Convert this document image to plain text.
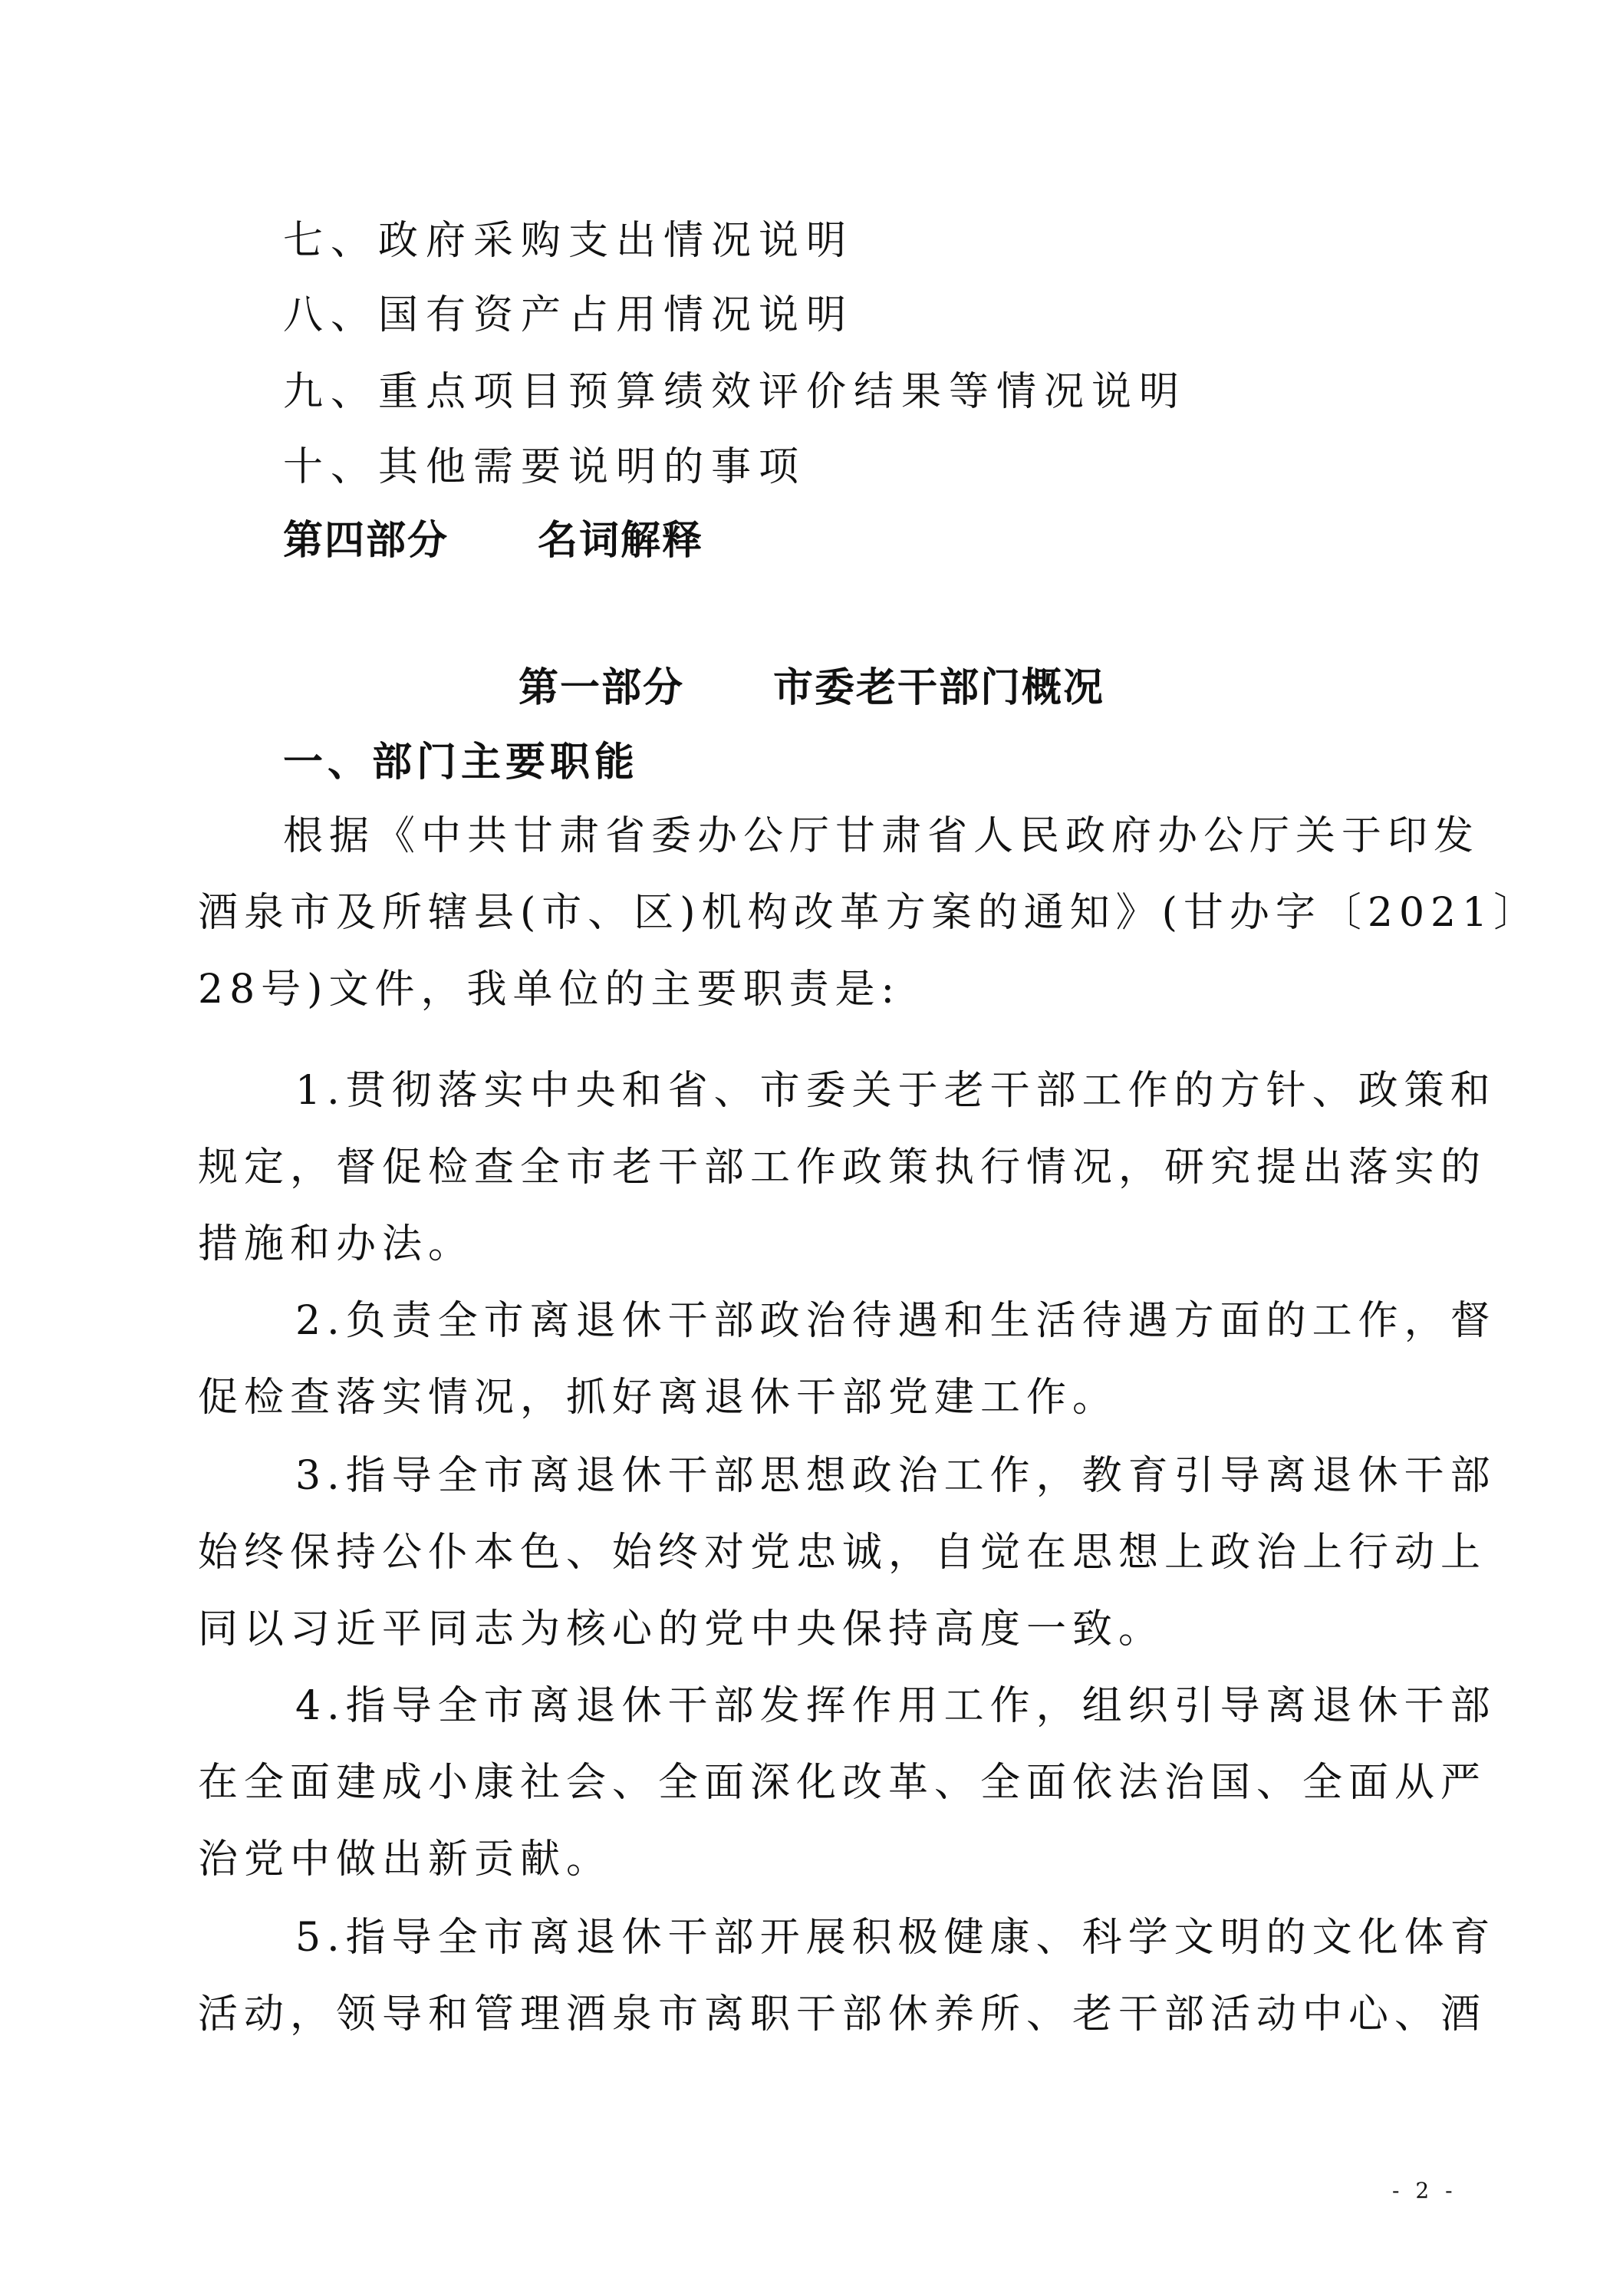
七、政府采购支出情况说明
八、国有资产占用情况说明
九、重点项目预算绩效评价结果等情况说明
十、其他需要说明的事项
第四部分 名词解释
第一部分 市委老干部门概况
一、部门主要职能
根据《中共甘肃省委办公厅甘肃省人民政府办公厅关于印发
酒泉市及所辖县(市、区)机构改革方案的通知》(甘办字〔2021〕
28号)文件，我单位的主要职责是:
1.贯彻落实中央和省、市委关于老干部工作的方针、政策和
规定，督促检查全市老干部工作政策执行情况，研究提出落实的
措施和办法。
2.负责全市离退休干部政治待遇和生活待遇方面的工作，督
促检查落实情况，抓好离退休干部党建工作。
3.指导全市离退休干部思想政治工作，教育引导离退休干部
始终保持公仆本色、始终对党忠诚，自觉在思想上政治上行动上
同以习近平同志为核心的党中央保持高度一致。
4.指导全市离退休干部发挥作用工作，组织引导离退休干部
在全面建成小康社会、全面深化改革、全面依法治国、全面从严
治党中做出新贡献。
5.指导全市离退休干部开展积极健康、科学文明的文化体育
活动，领导和管理酒泉市离职干部休养所、老干部活动中心、酒
- 2 -
